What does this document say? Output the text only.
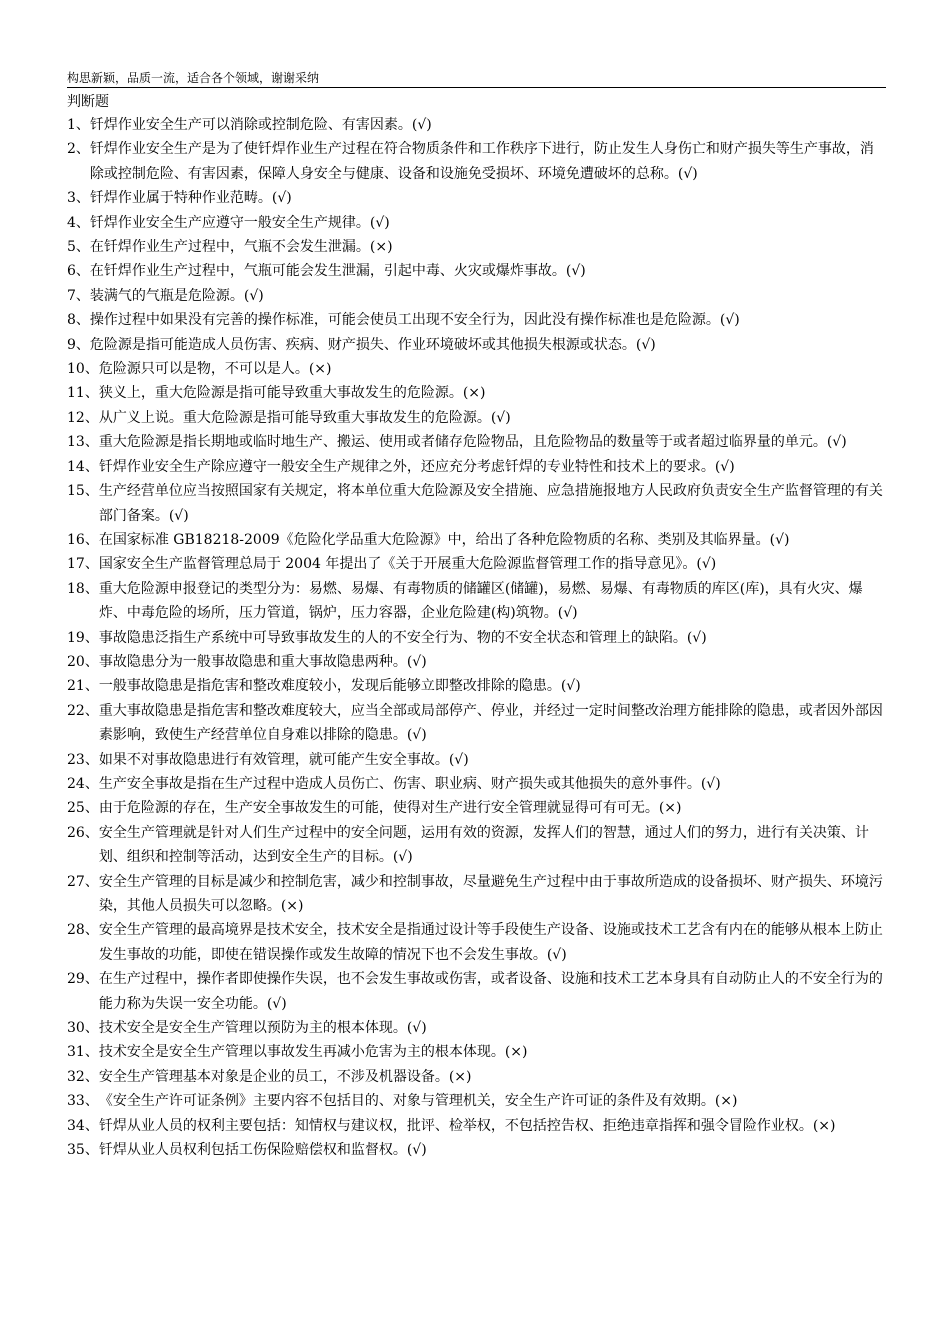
构思新颖，品质一流，适合各个领域，谢谢采纳
判断题
1、 钎焊作业安全生产可以消除或控制危险、有害因素。(√)
2、 钎焊作业安全生产是为了使钎焊作业生产过程在符合物质条件和工作秩序下进行，防止发生人身伤亡和财产损失等生产事故，消除或控制危险、有害因素，保障人身安全与健康、设备和设施免受损坏、环境免遭破坏的总称。(√)
3、 钎焊作业属于特种作业范畴。(√)
4、 钎焊作业安全生产应遵守一般安全生产规律。(√)
5、 在钎焊作业生产过程中，气瓶不会发生泄漏。(×)
6、 在钎焊作业生产过程中，气瓶可能会发生泄漏，引起中毒、火灾或爆炸事故。(√)
7、 装满气的气瓶是危险源。(√)
8、 操作过程中如果没有完善的操作标准，可能会使员工出现不安全行为，因此没有操作标准也是危险源。(√)
9、 危险源是指可能造成人员伤害、疾病、财产损失、作业环境破坏或其他损失根源或状态。(√)
10、 危险源只可以是物，不可以是人。(×)
11、 狭义上，重大危险源是指可能导致重大事故发生的危险源。(×)
12、 从广义上说。重大危险源是指可能导致重大事故发生的危险源。(√)
13、 重大危险源是指长期地或临时地生产、搬运、使用或者储存危险物品，且危险物品的数量等于或者超过临界量的单元。(√)
14、 钎焊作业安全生产除应遵守一般安全生产规律之外，还应充分考虑钎焊的专业特性和技术上的要求。(√)
15、 生产经营单位应当按照国家有关规定，将本单位重大危险源及安全措施、应急措施报地方人民政府负责安全生产监督管理的有关部门备案。(√)
16、 在国家标准 GB18218-2009《危险化学品重大危险源》中，给出了各种危险物质的名称、类别及其临界量。(√)
17、 国家安全生产监督管理总局于 2004 年提出了《关于开展重大危险源监督管理工作的指导意见》。(√)
18、 重大危险源申报登记的类型分为：易燃、易爆、有毒物质的储罐区(储罐)，易燃、易爆、有毒物质的库区(库)，具有火灾、爆炸、中毒危险的场所，压力管道，锅炉，压力容器，企业危险建(构)筑物。(√)
19、 事故隐患泛指生产系统中可导致事故发生的人的不安全行为、物的不安全状态和管理上的缺陷。(√)
20、 事故隐患分为一般事故隐患和重大事故隐患两种。(√)
21、 一般事故隐患是指危害和整改难度较小，发现后能够立即整改排除的隐患。(√)
22、 重大事故隐患是指危害和整改难度较大，应当全部或局部停产、停业，并经过一定时间整改治理方能排除的隐患，或者因外部因素影响，致使生产经营单位自身难以排除的隐患。(√)
23、 如果不对事故隐患进行有效管理，就可能产生安全事故。(√)
24、 生产安全事故是指在生产过程中造成人员伤亡、伤害、职业病、财产损失或其他损失的意外事件。(√)
25、 由于危险源的存在，生产安全事故发生的可能，使得对生产进行安全管理就显得可有可无。(×)
26、 安全生产管理就是针对人们生产过程中的安全问题，运用有效的资源，发挥人们的智慧，通过人们的努力，进行有关决策、计划、组织和控制等活动，达到安全生产的目标。(√)
27、 安全生产管理的目标是减少和控制危害，减少和控制事故，尽量避免生产过程中由于事故所造成的设备损坏、财产损失、环境污染，其他人员损失可以忽略。(×)
28、 安全生产管理的最高境界是技术安全，技术安全是指通过设计等手段使生产设备、设施或技术工艺含有内在的能够从根本上防止发生事故的功能，即使在错误操作或发生故障的情况下也不会发生事故。(√)
29、 在生产过程中，操作者即使操作失误，也不会发生事故或伤害，或者设备、设施和技术工艺本身具有自动防止人的不安全行为的能力称为失误一安全功能。(√)
30、 技术安全是安全生产管理以预防为主的根本体现。(√)
31、 技术安全是安全生产管理以事故发生再减小危害为主的根本体现。(×)
32、 安全生产管理基本对象是企业的员工，不涉及机器设备。(×)
33、 《安全生产许可证条例》主要内容不包括目的、对象与管理机关，安全生产许可证的条件及有效期。(×)
34、 钎焊从业人员的权利主要包括：知情权与建议权，批评、检举权，不包括控告权、拒绝违章指挥和强令冒险作业权。(×)
35、 钎焊从业人员权利包括工伤保险赔偿权和监督权。(√)
